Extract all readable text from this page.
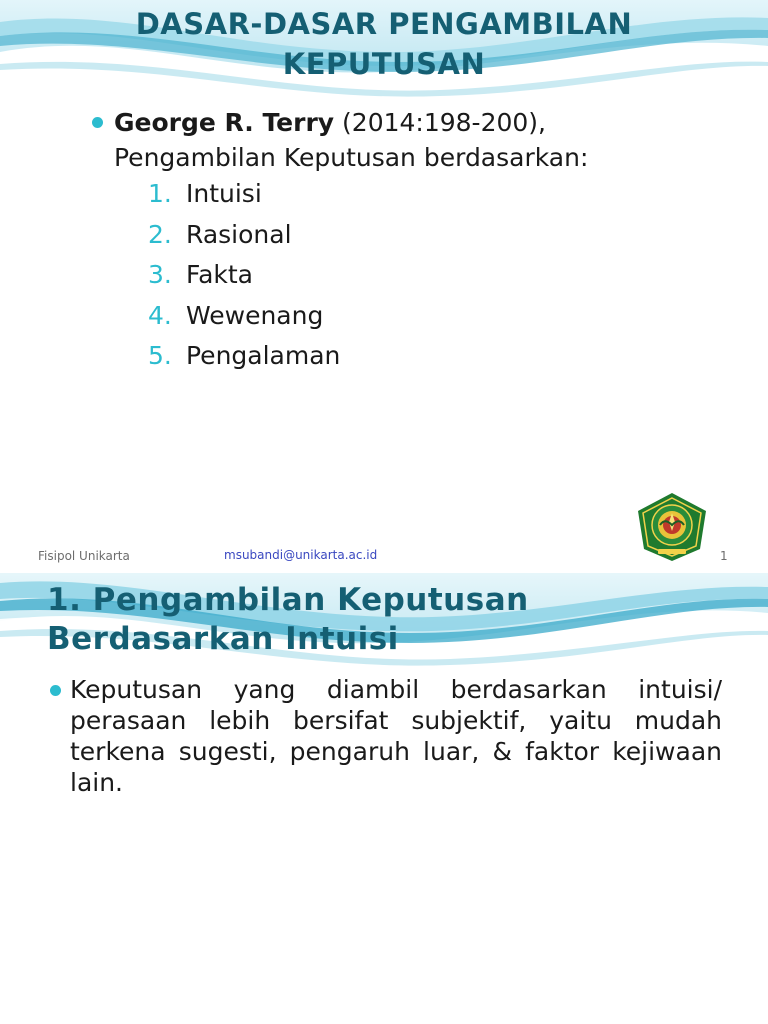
DASAR-DASAR PENGAMBILAN
KEPUTUSAN
George R. Terry (2014:198-200),
Pengambilan Keputusan berdasarkan:
1. Intuisi
2. Rasional
3. Fakta
4. Wewenang
5. Pengalaman
Fisipol Unikarta	msubandi@unikarta.ac.id	1
1. Pengambilan Keputusan
Berdasarkan Intuisi
Keputusan yang diambil berdasarkan intuisi/ perasaan lebih bersifat subjektif, yaitu mudah terkena sugesti, pengaruh luar, & faktor kejiwaan lain.
